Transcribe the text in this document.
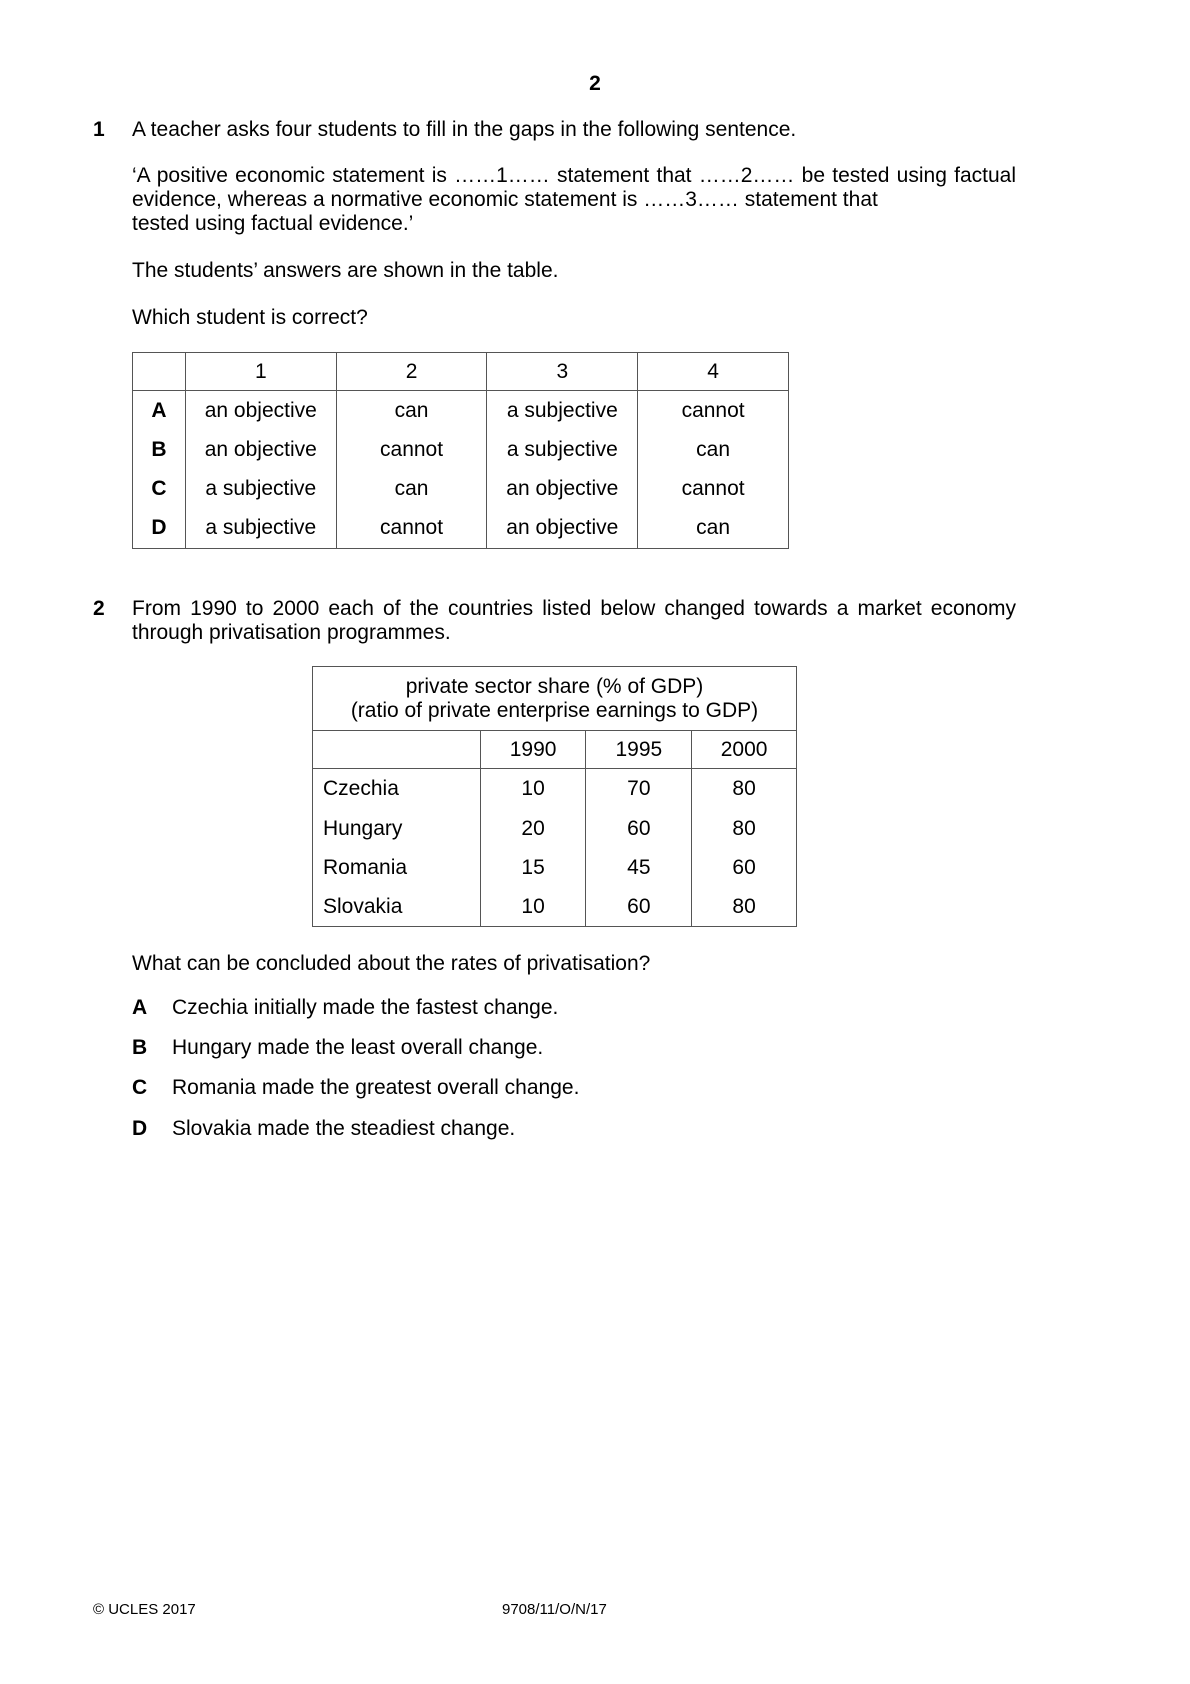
2
1 A teacher asks four students to fill in the gaps in the following sentence.
‘A positive economic statement is ……1…… statement that ……2…… be tested using factual
evidence, whereas a normative economic statement is ……3…… statement that
tested using factual evidence.’
The students’ answers are shown in the table.
Which student is correct?
	1	2	3	4
A	an objective	can	a subjective	cannot
B	an objective	cannot	a subjective	can
C	a subjective	can	an objective	cannot
D	a subjective	cannot	an objective	can
2 From 1990 to 2000 each of the countries listed below changed towards a market economy
through privatisation programmes.
private sector share (% of GDP)
(ratio of private enterprise earnings to GDP)			

	1990	1995	2000
Czechia	10	70	80
Hungary	20	60	80
Romania	15	45	60
Slovakia	10	60	80
What can be concluded about the rates of privatisation?
A Czechia initially made the fastest change.
B Hungary made the least overall change.
C Romania made the greatest overall change.
D Slovakia made the steadiest change.
© UCLES 2017	9708/11/O/N/17
